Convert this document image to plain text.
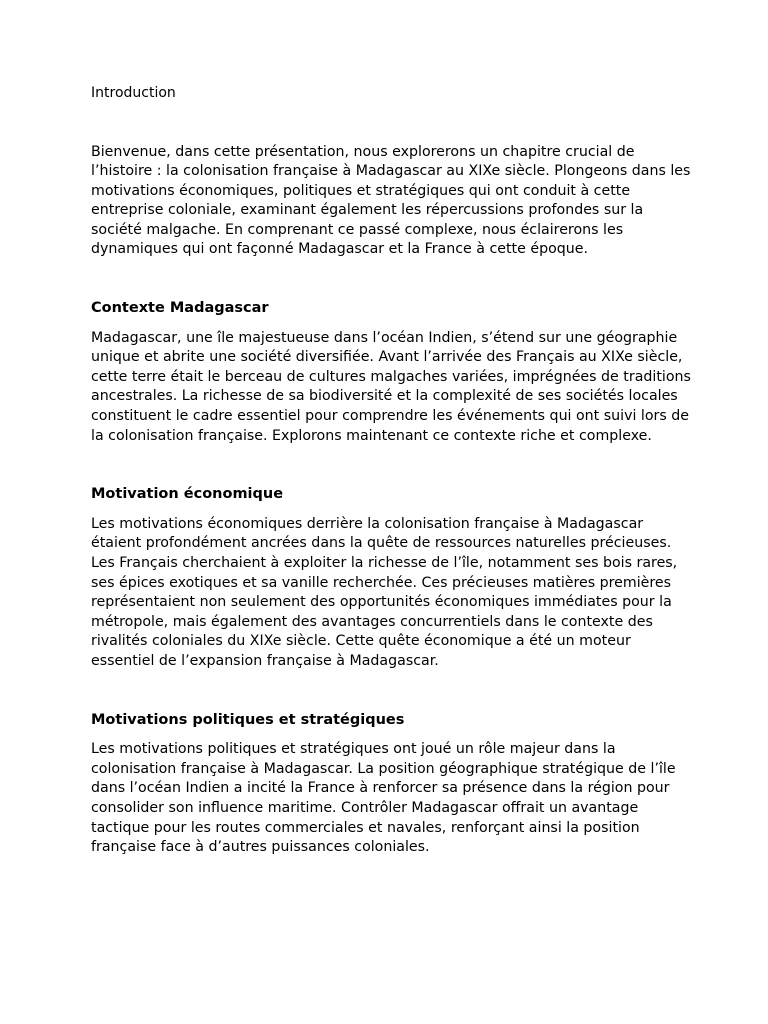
Introduction

Bienvenue, dans cette présentation, nous explorerons un chapitre crucial de l’histoire : la colonisation française à Madagascar au XIXe siècle. Plongeons dans les motivations économiques, politiques et stratégiques qui ont conduit à cette entreprise coloniale, examinant également les répercussions profondes sur la société malgache. En comprenant ce passé complexe, nous éclairerons les dynamiques qui ont façonné Madagascar et la France à cette époque.

Contexte Madagascar

Madagascar, une île majestueuse dans l’océan Indien, s’étend sur une géographie unique et abrite une société diversifiée. Avant l’arrivée des Français au XIXe siècle, cette terre était le berceau de cultures malgaches variées, imprégnées de traditions ancestrales. La richesse de sa biodiversité et la complexité de ses sociétés locales constituent le cadre essentiel pour comprendre les événements qui ont suivi lors de la colonisation française. Explorons maintenant ce contexte riche et complexe.

Motivation économique

Les motivations économiques derrière la colonisation française à Madagascar étaient profondément ancrées dans la quête de ressources naturelles précieuses. Les Français cherchaient à exploiter la richesse de l’île, notamment ses bois rares, ses épices exotiques et sa vanille recherchée. Ces précieuses matières premières représentaient non seulement des opportunités économiques immédiates pour la métropole, mais également des avantages concurrentiels dans le contexte des rivalités coloniales du XIXe siècle. Cette quête économique a été un moteur essentiel de l’expansion française à Madagascar.

Motivations politiques et stratégiques

Les motivations politiques et stratégiques ont joué un rôle majeur dans la colonisation française à Madagascar. La position géographique stratégique de l’île dans l’océan Indien a incité la France à renforcer sa présence dans la région pour consolider son influence maritime. Contrôler Madagascar offrait un avantage tactique pour les routes commerciales et navales, renforçant ainsi la position française face à d’autres puissances coloniales.
